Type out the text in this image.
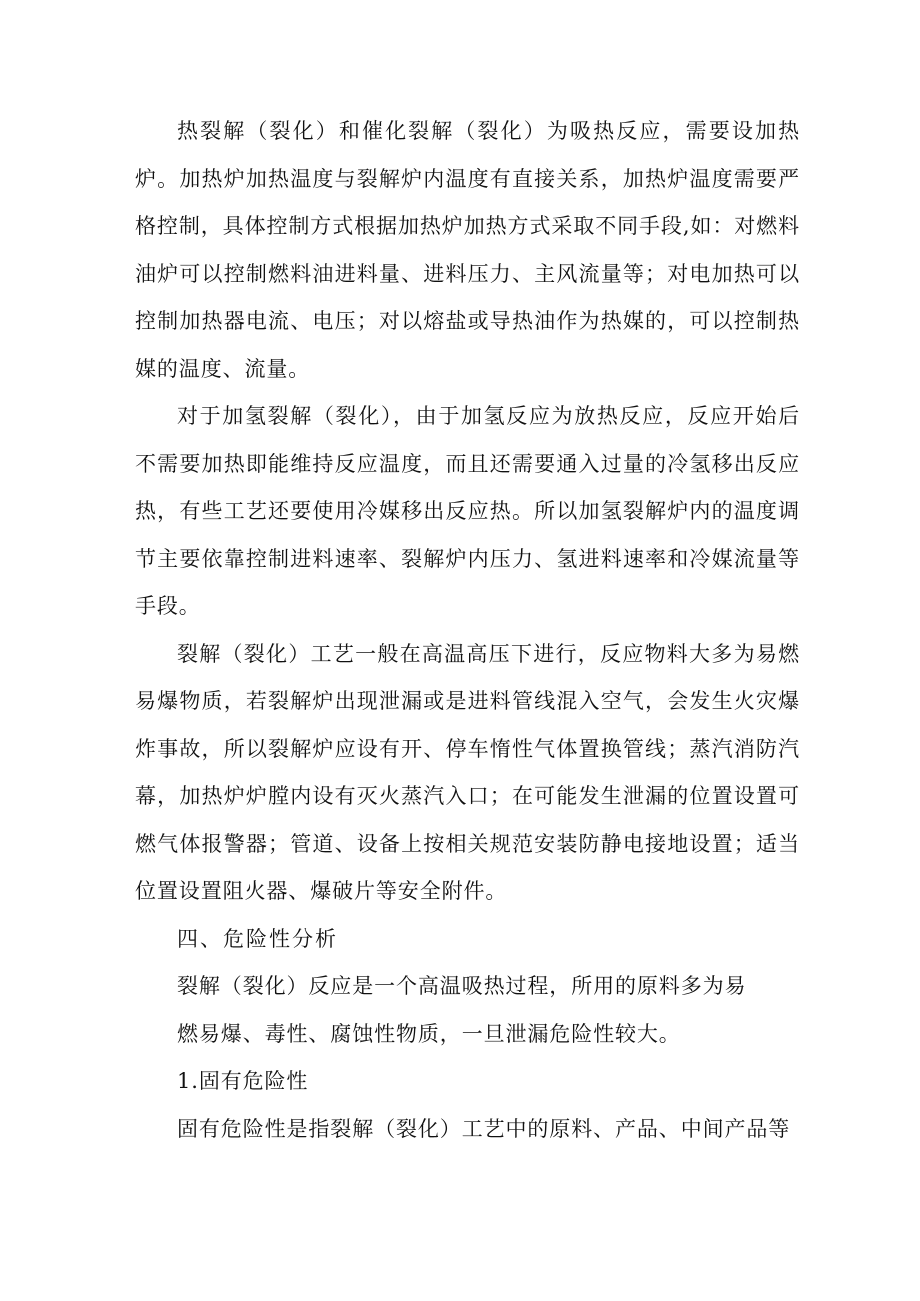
热裂解（裂化）和催化裂解（裂化）为吸热反应，需要设加热炉。加热炉加热温度与裂解炉内温度有直接关系，加热炉温度需要严格控制，具体控制方式根据加热炉加热方式采取不同手段,如：对燃料油炉可以控制燃料油进料量、进料压力、主风流量等；对电加热可以控制加热器电流、电压；对以熔盐或导热油作为热媒的，可以控制热媒的温度、流量。

对于加氢裂解（裂化），由于加氢反应为放热反应，反应开始后不需要加热即能维持反应温度，而且还需要通入过量的冷氢移出反应热，有些工艺还要使用冷媒移出反应热。所以加氢裂解炉内的温度调节主要依靠控制进料速率、裂解炉内压力、氢进料速率和冷媒流量等手段。

裂解（裂化）工艺一般在高温高压下进行，反应物料大多为易燃易爆物质，若裂解炉出现泄漏或是进料管线混入空气，会发生火灾爆炸事故，所以裂解炉应设有开、停车惰性气体置换管线；蒸汽消防汽幕，加热炉炉膛内设有灭火蒸汽入口；在可能发生泄漏的位置设置可燃气体报警器；管道、设备上按相关规范安装防静电接地设置；适当位置设置阻火器、爆破片等安全附件。

四、危险性分析

裂解（裂化）反应是一个高温吸热过程，所用的原料多为易

燃易爆、毒性、腐蚀性物质，一旦泄漏危险性较大。

1.固有危险性

固有危险性是指裂解（裂化）工艺中的原料、产品、中间产品等
